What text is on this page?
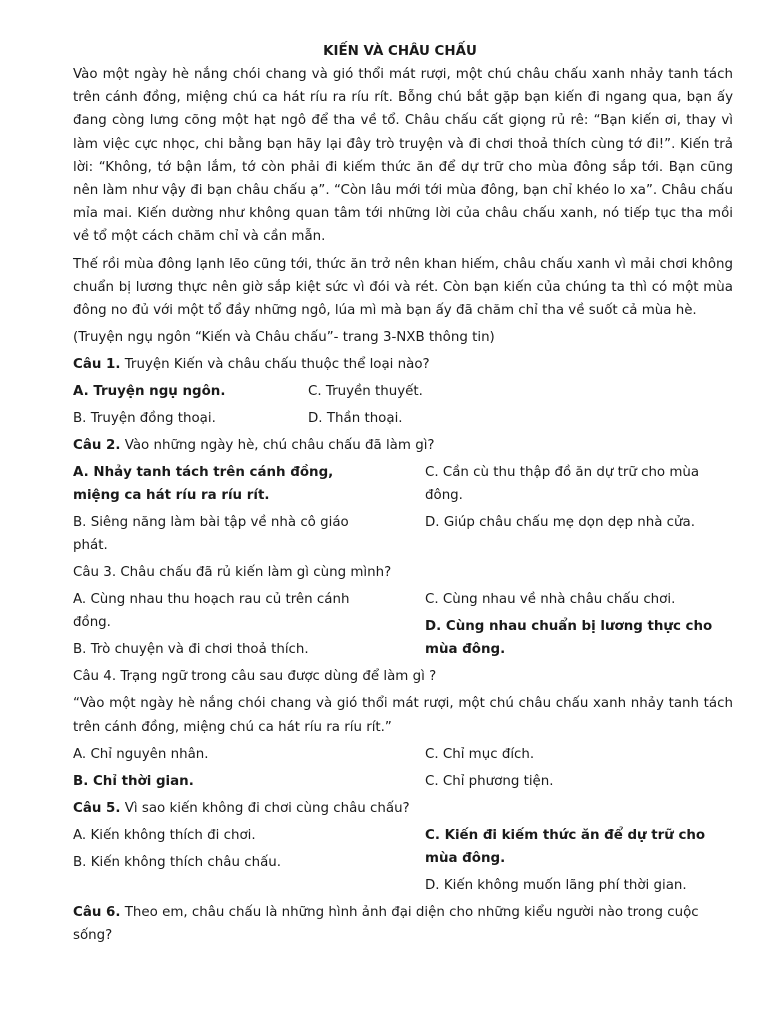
KIẾN VÀ CHÂU CHẤU

Vào một ngày hè nắng chói chang và gió thổi mát rượi, một chú châu chấu xanh nhảy tanh tách trên cánh đồng, miệng chú ca hát ríu ra ríu rít. Bỗng chú bắt gặp bạn kiến đi ngang qua, bạn ấy đang còng lưng cõng một hạt ngô để tha về tổ. Châu chấu cất giọng rủ rê: “Bạn kiến ơi, thay vì làm việc cực nhọc, chi bằng bạn hãy lại đây trò truyện và đi chơi thoả thích cùng tớ đi!”. Kiến trả lời: “Không, tớ bận lắm, tớ còn phải đi kiếm thức ăn để dự trữ cho mùa đông sắp tới. Bạn cũng nên làm như vậy đi bạn châu chấu ạ”. “Còn lâu mới tới mùa đông, bạn chỉ khéo lo xa”. Châu chấu mỉa mai. Kiến dường như không quan tâm tới những lời của châu chấu xanh, nó tiếp tục tha mồi về tổ một cách chăm chỉ và cần mẫn.

Thế rồi mùa đông lạnh lẽo cũng tới, thức ăn trở nên khan hiếm, châu chấu xanh vì mải chơi không chuẩn bị lương thực nên giờ sắp kiệt sức vì đói và rét. Còn bạn kiến của chúng ta thì có một mùa đông no đủ với một tổ đầy những ngô, lúa mì mà bạn ấy đã chăm chỉ tha về suốt cả mùa hè.

(Truyện ngụ ngôn “Kiến và Châu chấu”- trang 3-NXB thông tin)

Câu 1. Truyện Kiến và châu chấu thuộc thể loại nào?
A. Truyện ngụ ngôn.
B. Truyện đồng thoại.
C. Truyền thuyết.
D. Thần thoại.
Câu 2. Vào những ngày hè, chú châu chấu đã làm gì?
A. Nhảy tanh tách trên cánh đồng, miệng ca hát ríu ra ríu rít.
B. Siêng năng làm bài tập về nhà cô giáo phát.
C. Cần cù thu thập đồ ăn dự trữ cho mùa đông.
D. Giúp châu chấu mẹ dọn dẹp nhà cửa.
Câu 3. Châu chấu đã rủ kiến làm gì cùng mình?
A. Cùng nhau thu hoạch rau củ trên cánh đồng.
B. Trò chuyện và đi chơi thoả thích.
C. Cùng nhau về nhà châu chấu chơi.
D. Cùng nhau chuẩn bị lương thực cho mùa đông.
Câu 4. Trạng ngữ trong câu sau được dùng để làm gì ?

“Vào một ngày hè nắng chói chang và gió thổi mát rượi, một chú châu chấu xanh nhảy tanh tách trên cánh đồng, miệng chú ca hát ríu ra ríu rít.”

A. Chỉ nguyên nhân.
B. Chỉ thời gian.
C. Chỉ mục đích.
C. Chỉ phương tiện.
Câu 5. Vì sao kiến không đi chơi cùng châu chấu?
A. Kiến không thích đi chơi.
B. Kiến không thích châu chấu.
C. Kiến đi kiếm thức ăn để dự trữ cho mùa đông.
D. Kiến không muốn lãng phí thời gian.
Câu 6. Theo em, châu chấu là những hình ảnh đại diện cho những kiểu người nào trong cuộc sống?
